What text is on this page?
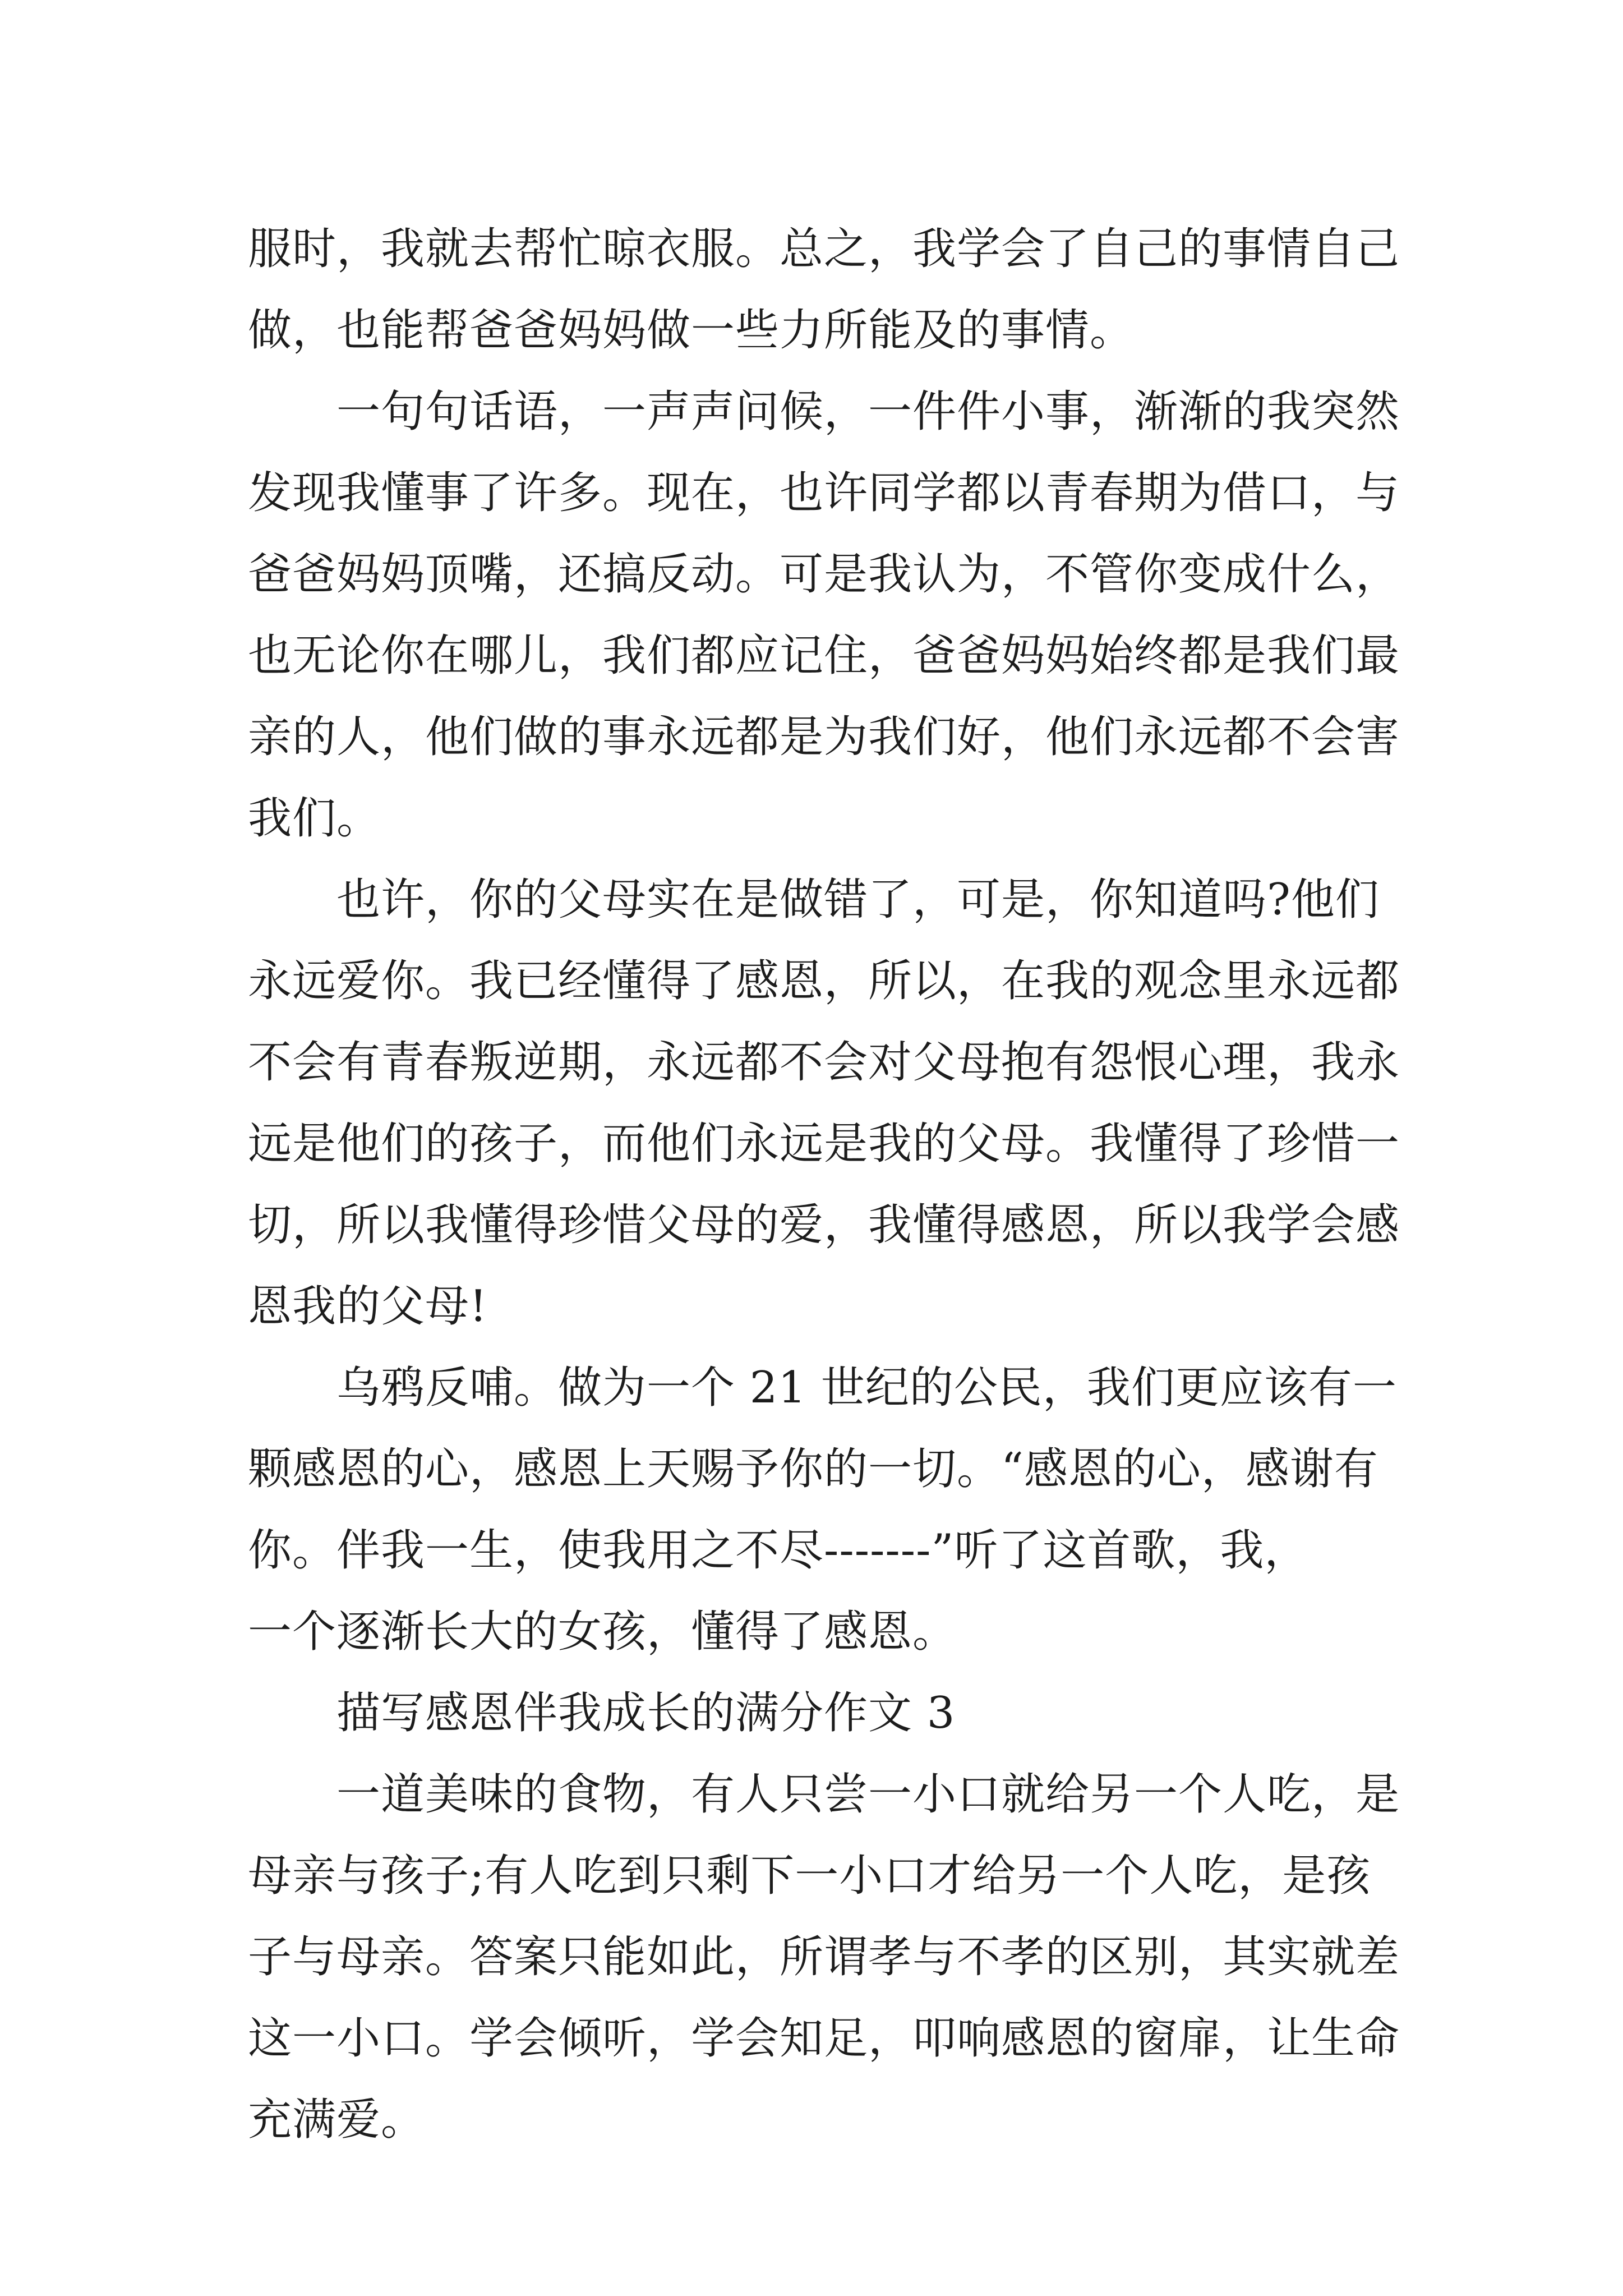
服时，我就去帮忙晾衣服。总之，我学会了自己的事情自己
做，也能帮爸爸妈妈做一些力所能及的事情。
　　一句句话语，一声声问候，一件件小事，渐渐的我突然
发现我懂事了许多。现在，也许同学都以青春期为借口，与
爸爸妈妈顶嘴，还搞反动。可是我认为，不管你变成什么，
也无论你在哪儿，我们都应记住，爸爸妈妈始终都是我们最
亲的人，他们做的事永远都是为我们好，他们永远都不会害
我们。
　　也许，你的父母实在是做错了，可是，你知道吗?他们
永远爱你。我已经懂得了感恩，所以，在我的观念里永远都
不会有青春叛逆期，永远都不会对父母抱有怨恨心理，我永
远是他们的孩子，而他们永远是我的父母。我懂得了珍惜一
切，所以我懂得珍惜父母的爱，我懂得感恩，所以我学会感
恩我的父母!
　　乌鸦反哺。做为一个 21 世纪的公民，我们更应该有一
颗感恩的心，感恩上天赐予你的一切。“感恩的心，感谢有
你。伴我一生，使我用之不尽-------”听了这首歌，我，
一个逐渐长大的女孩，懂得了感恩。
　　描写感恩伴我成长的满分作文 3
　　一道美味的食物，有人只尝一小口就给另一个人吃，是
母亲与孩子;有人吃到只剩下一小口才给另一个人吃，是孩
子与母亲。答案只能如此，所谓孝与不孝的区别，其实就差
这一小口。学会倾听，学会知足，叩响感恩的窗扉，让生命
充满爱。
